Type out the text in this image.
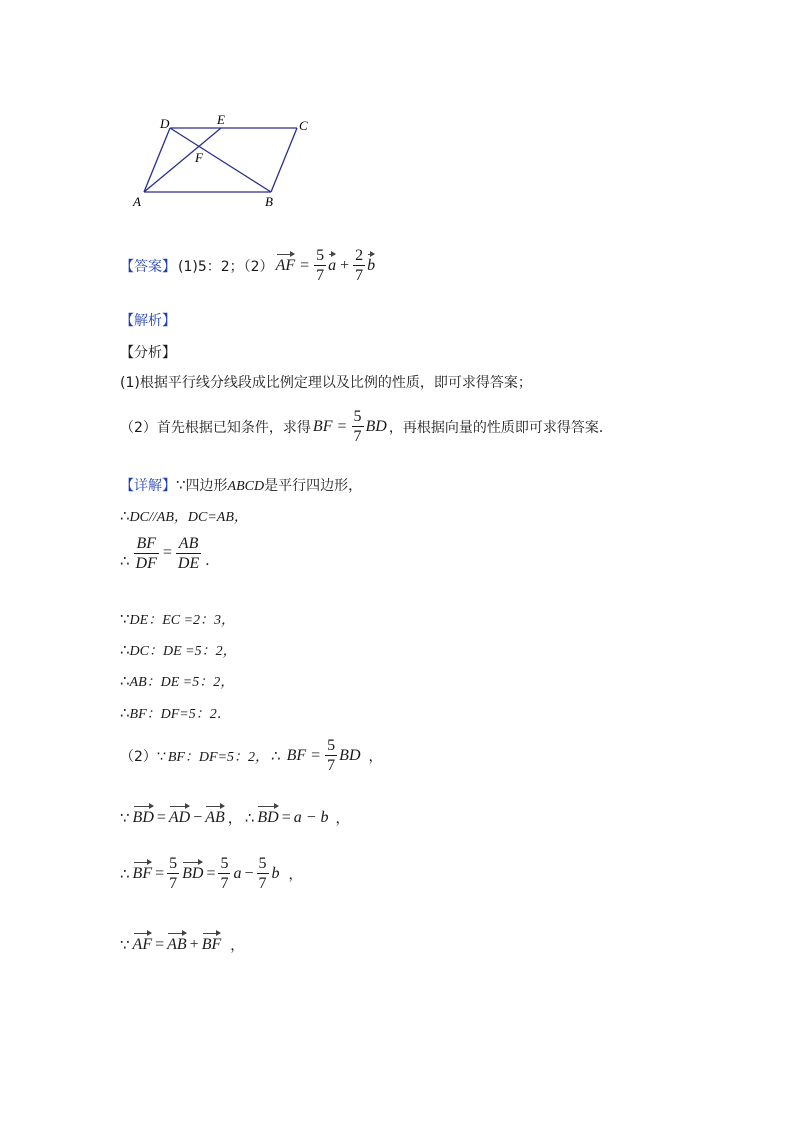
D	E	C
F
A	B
【答案】 (1)5：2；（2） AF = $\frac{5}{7}$ $a + \frac{2}{7}$ b
【解析】
【分析】
(1)根据平行线分线段成比例定理以及比例的性质，即可求得答案；
（2）首先根据已知条件，求得 BF = $\frac{5}{7}$ BD ，再根据向量的性质即可求得答案．
【详解】∵四边形ABCD是平行四边形，
∴DC//AB，DC=AB，
∴ $\frac{BF}{DF} = \frac{AB}{DE}$ ．
∵DE：EC =2：3，
∴DC：DE =5：2，
∴AB：DE =5：2，
∴BF：DF=5：2．
（2）∵ BF：DF=5：2， ∴ BF = $\frac{5}{7}$ BD ，
∵ BD = AD − AB ， ∴ BD = a − b ，
∴ BF = $\frac{5}{7}$ BD = $\frac{5}{7}$ $a - \frac{5}{7}$ b ，
∵ AF = AB + BF ，
